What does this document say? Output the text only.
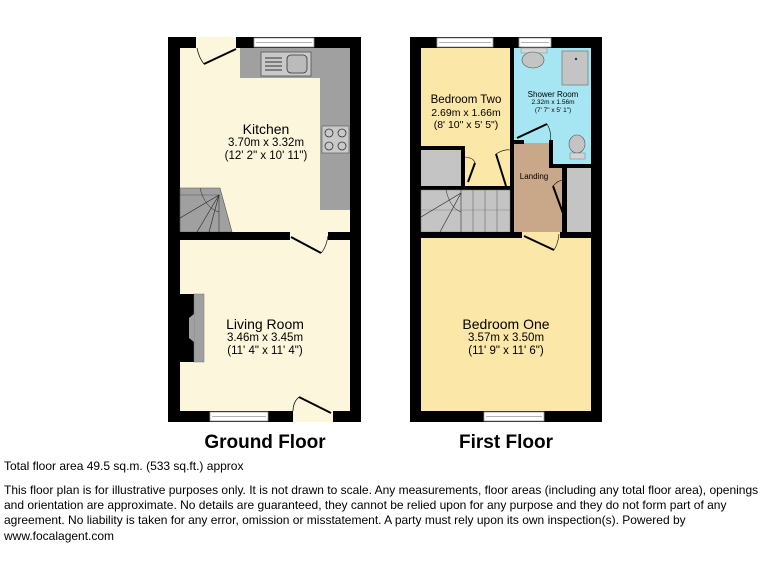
Kitchen
3.70m x 3.32m
(12' 2" x 10' 11")
Living Room
3.46m x 3.45m
(11' 4" x 11' 4")
Bedroom Two
2.69m x 1.66m
(8' 10" x 5' 5")
Shower Room
2.32m x 1.56m
(7' 7" x 5' 1")
Landing
Bedroom One
3.57m x 3.50m
(11' 9" x 11' 6")
Ground Floor	First Floor
Total floor area 49.5 sq.m. (533 sq.ft.) approx
This floor plan is for illustrative purposes only. It is not drawn to scale. Any measurements, floor areas (including any total floor area), openings and orientation are approximate. No details are guaranteed, they cannot be relied upon for any purpose and they do not form part of any agreement. No liability is taken for any error, omission or misstatement. A party must rely upon its own inspection(s). Powered by www.focalagent.com
